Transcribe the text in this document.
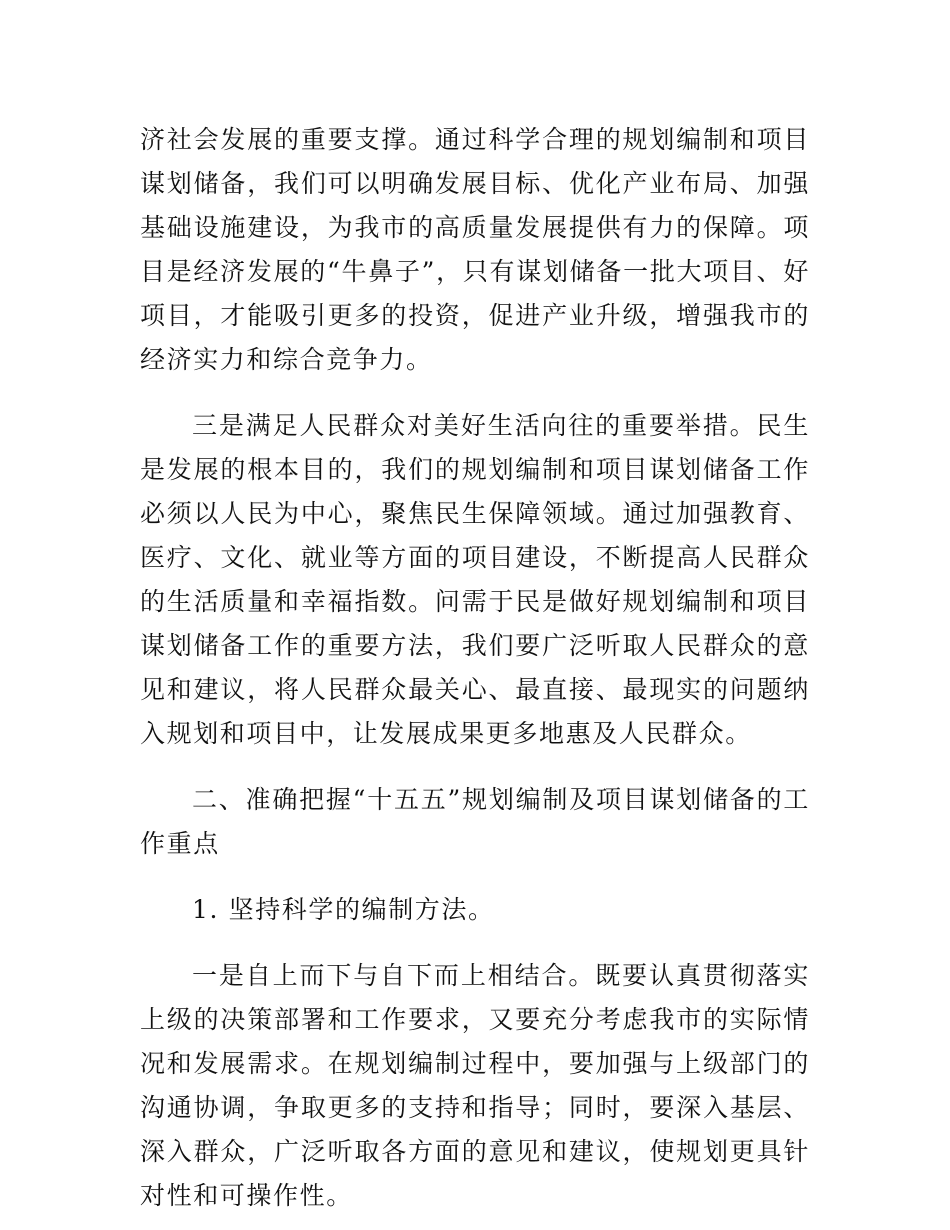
济社会发展的重要支撑。通过科学合理的规划编制和项目谋划储备，我们可以明确发展目标、优化产业布局、加强基础设施建设，为我市的高质量发展提供有力的保障。项目是经济发展的“牛鼻子”，只有谋划储备一批大项目、好项目，才能吸引更多的投资，促进产业升级，增强我市的经济实力和综合竞争力。

三是满足人民群众对美好生活向往的重要举措。民生是发展的根本目的，我们的规划编制和项目谋划储备工作必须以人民为中心，聚焦民生保障领域。通过加强教育、医疗、文化、就业等方面的项目建设，不断提高人民群众的生活质量和幸福指数。问需于民是做好规划编制和项目谋划储备工作的重要方法，我们要广泛听取人民群众的意见和建议，将人民群众最关心、最直接、最现实的问题纳入规划和项目中，让发展成果更多地惠及人民群众。

二、准确把握“十五五”规划编制及项目谋划储备的工作重点

1. 坚持科学的编制方法。

一是自上而下与自下而上相结合。既要认真贯彻落实上级的决策部署和工作要求，又要充分考虑我市的实际情况和发展需求。在规划编制过程中，要加强与上级部门的沟通协调，争取更多的支持和指导；同时，要深入基层、深入群众，广泛听取各方面的意见和建议，使规划更具针对性和可操作性。
